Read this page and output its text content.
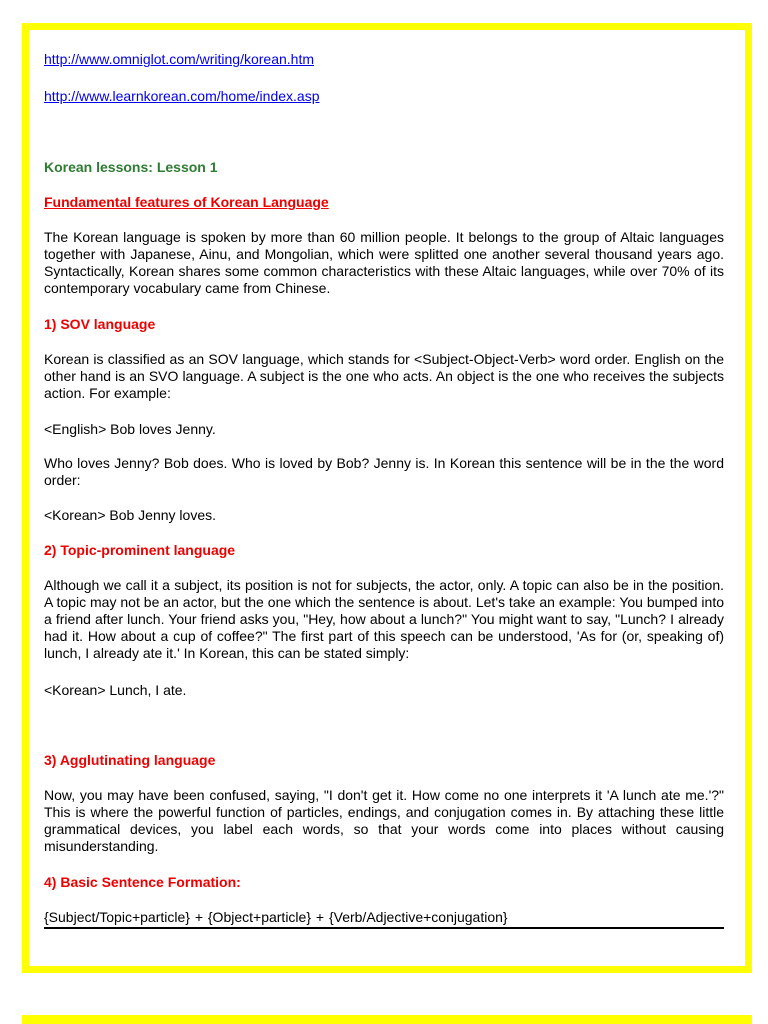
http://www.omniglot.com/writing/korean.htm
http://www.learnkorean.com/home/index.asp
Korean lessons: Lesson 1
Fundamental features of Korean Language

The Korean language is spoken by more than 60 million people. It belongs to the group of Altaic languages together with Japanese, Ainu, and Mongolian, which were splitted one another several thousand years ago. Syntactically, Korean shares some common characteristics with these Altaic languages, while over 70% of its contemporary vocabulary came from Chinese.

1) SOV language

Korean is classified as an SOV language, which stands for <Subject-Object-Verb> word order. English on the other hand is an SVO language. A subject is the one who acts. An object is the one who receives the subjects action. For example:

<English> Bob loves Jenny.

Who loves Jenny? Bob does. Who is loved by Bob? Jenny is. In Korean this sentence will be in the the word order:

<Korean> Bob Jenny loves.
2) Topic-prominent language

Although we call it a subject, its position is not for subjects, the actor, only. A topic can also be in the position. A topic may not be an actor, but the one which the sentence is about. Let's take an example: You bumped into a friend after lunch. Your friend asks you, "Hey, how about a lunch?" You might want to say, "Lunch? I already had it. How about a cup of coffee?" The first part of this speech can be understood, 'As for (or, speaking of) lunch, I already ate it.' In Korean, this can be stated simply:

<Korean> Lunch, I ate.
3) Agglutinating language

Now, you may have been confused, saying, "I don't get it. How come no one interprets it 'A lunch ate me.'?" This is where the powerful function of particles, endings, and conjugation comes in. By attaching these little grammatical devices, you label each words, so that your words come into places without causing misunderstanding.

4) Basic Sentence Formation:
{Subject/Topic+particle} + {Object+particle} + {Verb/Adjective+conjugation}
